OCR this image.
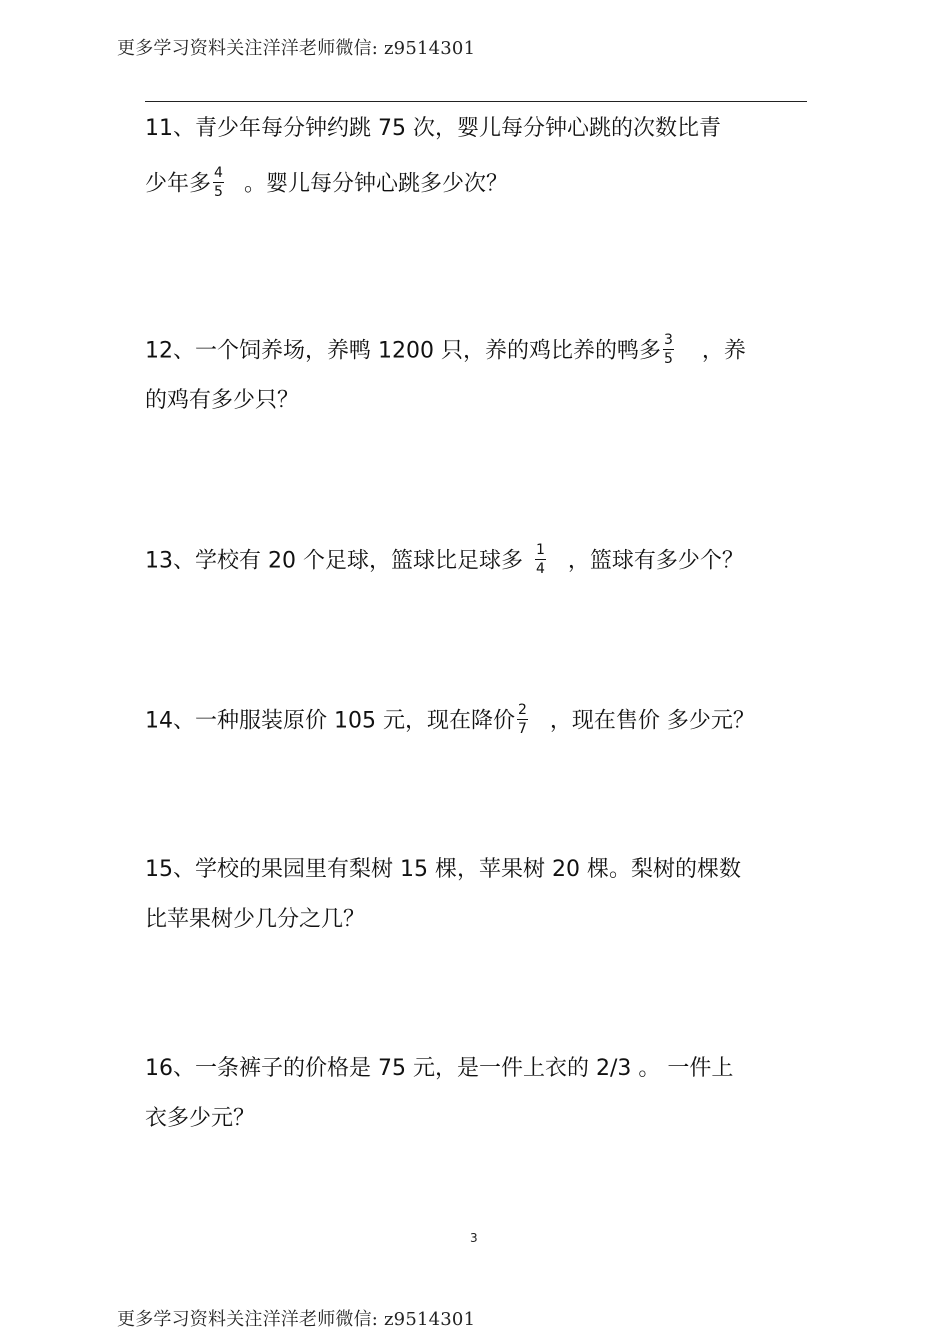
更多学习资料关注洋洋老师微信: z9514301
11、青少年每分钟约跳 75 次，婴儿每分钟心跳的次数比青
少年多 $\frac{4}{5}$ 。婴儿每分钟心跳多少次？
12、一个饲养场，养鸭 1200 只，养的鸡比养的鸭多 $\frac{3}{5}$ ，养
的鸡有多少只？
13、学校有 20 个足球，篮球比足球多 $\frac{1}{4}$ ，篮球有多少个？
14、一种服装原价 105 元，现在降价 $\frac{2}{7}$ ，现在售价 多少元？
15、学校的果园里有梨树 15 棵，苹果树 20 棵。梨树的棵数
比苹果树少几分之几？
16、一条裤子的价格是 75 元，是一件上衣的 2/3 。 一件上
衣多少元？
3
更多学习资料关注洋洋老师微信: z9514301
